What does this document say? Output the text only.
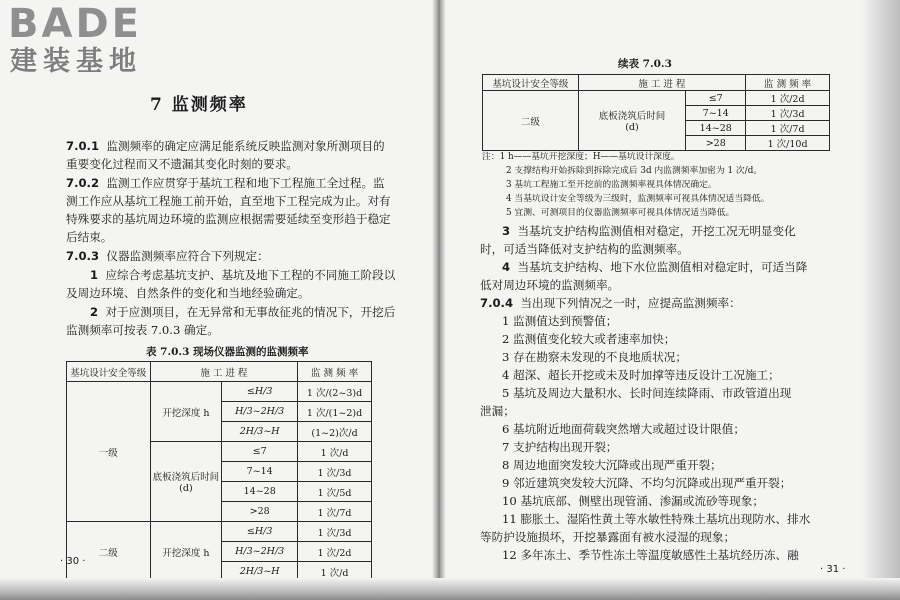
BADE
建装基地
7 监测频率
7.0.1 监测频率的确定应满足能系统反映监测对象所测项目的
重要变化过程而又不遗漏其变化时刻的要求。
7.0.2 监测工作应贯穿于基坑工程和地下工程施工全过程。监
测工作应从基坑工程施工前开始，直至地下工程完成为止。对有
特殊要求的基坑周边环境的监测应根据需要延续至变形趋于稳定
后结束。
7.0.3 仪器监测频率应符合下列规定：
1 应综合考虑基坑支护、基坑及地下工程的不同施工阶段以
及周边环境、自然条件的变化和当地经验确定。
2 对于应测项目，在无异常和无事故征兆的情况下，开挖后
监测频率可按表 7.0.3 确定。
表 7.0.3 现场仪器监测的监测频率
基坑设计安全等级	施 工 进 程		监 测 频 率
一级	开挖深度 h	≤H/3	1 次/(2~3)d
		H/3~2H/3	1 次/(1~2)d
		2H/3~H	(1~2)次/d

	底板浇筑后时间
(d)	≤7	1 次/d
		7~14	1 次/3d
		14~28	1 次/5d
		>28	1 次/7d
二级	开挖深度 h	≤H/3	1 次/3d
		H/3~2H/3	1 次/2d
		2H/3~H	1 次/d
· 30 ·
续表 7.0.3
基坑设计安全等级	施 工 进 程		监 测 频 率
二级	底板浇筑后时间
(d)	≤7	1 次/2d
		7~14	1 次/3d
		14~28	1 次/7d
		>28	1 次/10d
注：1 h——基坑开挖深度；H——基坑设计深度。
2 支撑结构开始拆除到拆除完成后 3d 内监测频率加密为 1 次/d。
3 基坑工程施工至开挖前的监测频率视具体情况确定。
4 当基坑设计安全等级为三级时，监测频率可视具体情况适当降低。
5 宜测、可测项目的仪器监测频率可视具体情况适当降低。
3 当基坑支护结构监测值相对稳定，开挖工况无明显变化
时，可适当降低对支护结构的监测频率。
4 当基坑支护结构、地下水位监测值相对稳定时，可适当降
低对周边环境的监测频率。
7.0.4 当出现下列情况之一时，应提高监测频率：
1 监测值达到预警值；
2 监测值变化较大或者速率加快；
3 存在勘察未发现的不良地质状况；
4 超深、超长开挖或未及时加撑等违反设计工况施工；
5 基坑及周边大量积水、长时间连续降雨、市政管道出现
泄漏；
6 基坑附近地面荷载突然增大或超过设计限值；
7 支护结构出现开裂；
8 周边地面突发较大沉降或出现严重开裂；
9 邻近建筑突发较大沉降、不均匀沉降或出现严重开裂；
10 基坑底部、侧壁出现管涌、渗漏或流砂等现象；
11 膨胀土、湿陷性黄土等水敏性特殊土基坑出现防水、排水
等防护设施损坏，开挖暴露面有被水浸湿的现象；
12 多年冻土、季节性冻土等温度敏感性土基坑经历冻、融
· 31 ·
